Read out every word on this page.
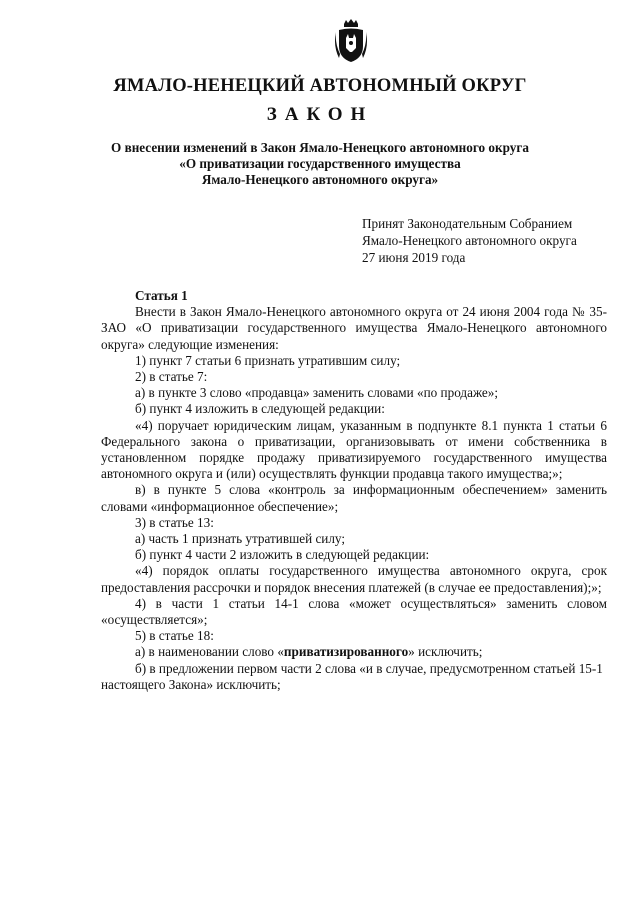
ЯМАЛО-НЕНЕЦКИЙ АВТОНОМНЫЙ ОКРУГ
ЗАКОН
О внесении изменений в Закон Ямало-Ненецкого автономного округа
«О приватизации государственного имущества
Ямало-Ненецкого автономного округа»
Принят Законодательным Собранием
Ямало-Ненецкого автономного округа
27 июня 2019 года
Статья 1

Внести в Закон Ямало-Ненецкого автономного округа от 24 июня 2004 года № 35-ЗАО «О приватизации государственного имущества Ямало-Ненецкого автономного округа» следующие изменения:

1) пункт 7 статьи 6 признать утратившим силу;

2) в статье 7:

а) в пункте 3 слово «продавца» заменить словами «по продаже»;

б) пункт 4 изложить в следующей редакции:

«4) поручает юридическим лицам, указанным в подпункте 8.1 пункта 1 статьи 6 Федерального закона о приватизации, организовывать от имени собственника в установленном порядке продажу приватизируемого государственного имущества автономного округа и (или) осуществлять функции продавца такого имущества;»;

в) в пункте 5 слова «контроль за информационным обеспечением» заменить словами «информационное обеспечение»;

3) в статье 13:

а) часть 1 признать утратившей силу;

б) пункт 4 части 2 изложить в следующей редакции:

«4) порядок оплаты государственного имущества автономного округа, срок предоставления рассрочки и порядок внесения платежей (в случае ее предоставления);»;

4) в части 1 статьи 14-1 слова «может осуществляться» заменить словом «осуществляется»;

5) в статье 18:

а) в наименовании слово «приватизированного» исключить;

б) в предложении первом части 2 слова «и в случае, предусмотренном статьей 15-1 настоящего Закона» исключить;
